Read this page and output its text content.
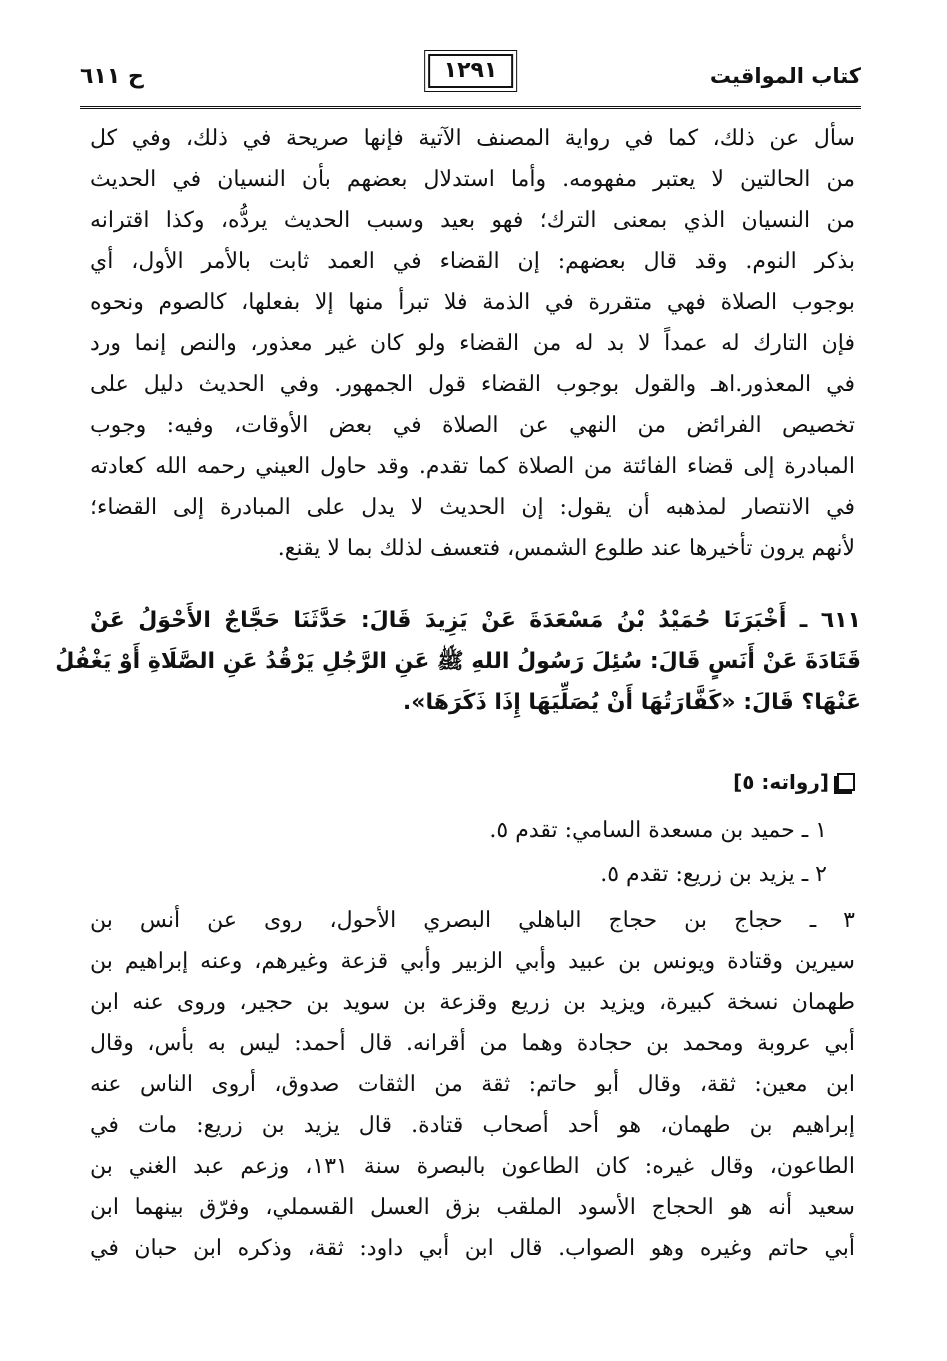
كتاب المواقيت
١٢٩١
ح ٦١١
سأل عن ذلك، كما في رواية المصنف الآتية فإنها صريحة في ذلك، وفي كل
من الحالتين لا يعتبر مفهومه. وأما استدلال بعضهم بأن النسيان في الحديث
من النسيان الذي بمعنى الترك؛ فهو بعيد وسبب الحديث يردُّه، وكذا اقترانه
بذكر النوم. وقد قال بعضهم: إن القضاء في العمد ثابت بالأمر الأول، أي
بوجوب الصلاة فهي متقررة في الذمة فلا تبرأ منها إلا بفعلها، كالصوم ونحوه
فإن التارك له عمداً لا بد له من القضاء ولو كان غير معذور، والنص إنما ورد
في المعذور.اهـ والقول بوجوب القضاء قول الجمهور. وفي الحديث دليل على
تخصيص الفرائض من النهي عن الصلاة في بعض الأوقات، وفيه: وجوب
المبادرة إلى قضاء الفائتة من الصلاة كما تقدم. وقد حاول العيني رحمه الله كعادته
في الانتصار لمذهبه أن يقول: إن الحديث لا يدل على المبادرة إلى القضاء؛
لأنهم يرون تأخيرها عند طلوع الشمس، فتعسف لذلك بما لا يقنع.
٦١١ ـ أَخْبَرَنَا حُمَيْدُ بْنُ مَسْعَدَةَ عَنْ يَزِيدَ قَالَ: حَدَّثَنَا حَجَّاجٌ الأَحْوَلُ عَنْ
قَتَادَةَ عَنْ أَنَسٍ قَالَ: سُئِلَ رَسُولُ اللهِ ﷺ عَنِ الرَّجُلِ يَرْقُدُ عَنِ الصَّلَاةِ أَوْ يَغْفُلُ
عَنْهَا؟ قَالَ: «كَفَّارَتُهَا أَنْ يُصَلِّيَهَا إِذَا ذَكَرَهَا».
[رواته: ٥]
١ ـ حميد بن مسعدة السامي: تقدم ٥.
٢ ـ يزيد بن زريع: تقدم ٥.
٣ ـ حجاج بن حجاج الباهلي البصري الأحول، روى عن أنس بن
سيرين وقتادة ويونس بن عبيد وأبي الزبير وأبي قزعة وغيرهم، وعنه إبراهيم بن
طهمان نسخة كبيرة، ويزيد بن زريع وقزعة بن سويد بن حجير، وروى عنه ابن
أبي عروبة ومحمد بن حجادة وهما من أقرانه. قال أحمد: ليس به بأس، وقال
ابن معين: ثقة، وقال أبو حاتم: ثقة من الثقات صدوق، أروى الناس عنه
إبراهيم بن طهمان، هو أحد أصحاب قتادة. قال يزيد بن زريع: مات في
الطاعون، وقال غيره: كان الطاعون بالبصرة سنة ١٣١، وزعم عبد الغني بن
سعيد أنه هو الحجاج الأسود الملقب بزق العسل القسملي، وفرّق بينهما ابن
أبي حاتم وغيره وهو الصواب. قال ابن أبي داود: ثقة، وذكره ابن حبان في
